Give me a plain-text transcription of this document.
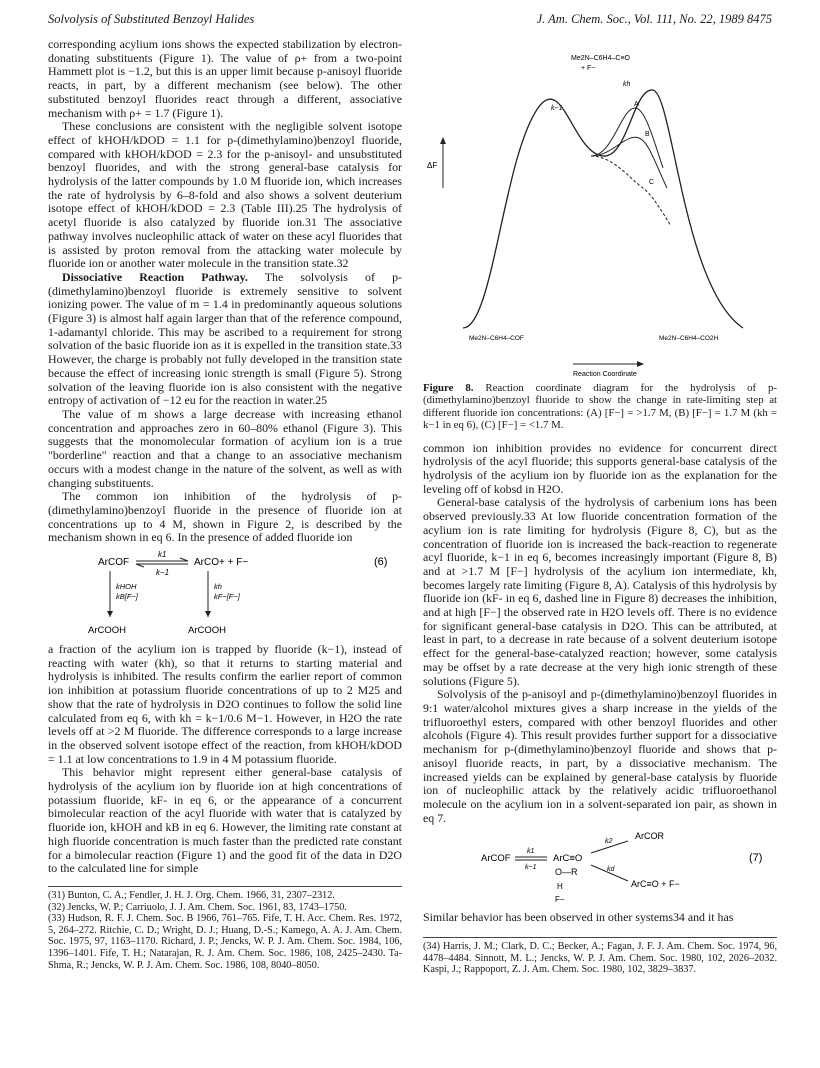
Solvolysis of Substituted Benzoyl Halides	J. Am. Chem. Soc., Vol. 111, No. 22, 1989 8475

corresponding acylium ions shows the expected stabilization by electron-donating substituents (Figure 1). The value of ρ+ from a two-point Hammett plot is −1.2, but this is an upper limit because p-anisoyl fluoride reacts, in part, by a different mechanism (see below). The other substituted benzoyl fluorides react through a different, associative mechanism with ρ+ = 1.7 (Figure 1).

These conclusions are consistent with the negligible solvent isotope effect of kHOH/kDOD = 1.1 for p-(dimethylamino)benzoyl fluoride, compared with kHOH/kDOD = 2.3 for the p-anisoyl- and unsubstituted benzoyl fluorides, and with the strong general-base catalysis for hydrolysis of the latter compounds by 1.0 M fluoride ion, which increases the rate of hydrolysis by 6–8-fold and also shows a solvent deuterium isotope effect of kHOH/kDOD = 2.3 (Table III).25 The hydrolysis of acetyl fluoride is also catalyzed by fluoride ion.31 The associative pathway involves nucleophilic attack of water on these acyl fluorides that is assisted by proton removal from the attacking water molecule by fluoride ion or another water molecule in the transition state.32

Dissociative Reaction Pathway. The solvolysis of p-(dimethylamino)benzoyl fluoride is extremely sensitive to solvent ionizing power. The value of m = 1.4 in predominantly aqueous solutions (Figure 3) is almost half again larger than that of the reference compound, 1-adamantyl chloride. This may be ascribed to a requirement for strong solvation of the basic fluoride ion as it is expelled in the transition state.33 However, the charge is probably not fully developed in the transition state because the effect of increasing ionic strength is small (Figure 5). Strong solvation of the leaving fluoride ion is also consistent with the negative entropy of activation of −12 eu for the reaction in water.25

The value of m shows a large decrease with increasing ethanol concentration and approaches zero in 60–80% ethanol (Figure 3). This suggests that the monomolecular formation of acylium ion is a true "borderline" reaction and that a change to an associative mechanism occurs with a modest change in the nature of the solvent, as well as with changing substituents.

The common ion inhibition of the hydrolysis of p-(dimethylamino)benzoyl fluoride in the presence of fluoride ion at concentrations up to 4 M, shown in Figure 2, is described by the mechanism shown in eq 6. In the presence of added fluoride ion

ArCOF
k1
k−1
ArCO+ + F−	(6)
kHOH
kB[F−]
kh
kF−[F−]
ArCOOH	ArCOOH

a fraction of the acylium ion is trapped by fluoride (k−1), instead of reacting with water (kh), so that it returns to starting material and hydrolysis is inhibited. The results confirm the earlier report of common ion inhibition at potassium fluoride concentrations of up to 2 M25 and show that the rate of hydrolysis in D2O continues to follow the solid line calculated from eq 6, with kh = k−1/0.6 M−1. However, in H2O the rate levels off at >2 M fluoride. The difference corresponds to a large increase in the observed solvent isotope effect of the reaction, from kHOH/kDOD = 1.1 at low concentrations to 1.9 in 4 M potassium fluoride.

This behavior might represent either general-base catalysis of hydrolysis of the acylium ion by fluoride ion at high concentrations of potassium fluoride, kF- in eq 6, or the appearance of a concurrent bimolecular reaction of the acyl fluoride with water that is catalyzed by fluoride ion, kHOH and kB in eq 6. However, the limiting rate constant at high fluoride concentration is much faster than the predicted rate constant for a bimolecular reaction (Figure 1) and the good fit of the data in D2O to the calculated line for simple

(31) Bunton, C. A.; Fendler, J. H. J. Org. Chem. 1966, 31, 2307–2312.

(32) Jencks, W. P.; Carriuolo, J. J. Am. Chem. Soc. 1961, 83, 1743–1750.

(33) Hudson, R. F. J. Chem. Soc. B 1966, 761–765. Fife, T. H. Acc. Chem. Res. 1972, 5, 264–272. Ritchie, C. D.; Wright, D. J.; Huang, D.-S.; Kamego, A. A. J. Am. Chem. Soc. 1975, 97, 1163–1170. Richard, J. P.; Jencks, W. P. J. Am. Chem. Soc. 1984, 106, 1396–1401. Fife, T. H.; Natarajan, R. J. Am. Chem. Soc. 1986, 108, 2425–2430. Ta-Shma, R.; Jencks, W. P. J. Am. Chem. Soc. 1986, 108, 8040–8050.

Me2N–C6H4–C≡O
+ F−
kh
k−1
A
B
C
ΔF
Me2N–C6H4–COF	Me2N–C6H4–CO2H
Reaction Coordinate

Figure 8. Reaction coordinate diagram for the hydrolysis of p-(dimethylamino)benzoyl fluoride to show the change in rate-limiting step at different fluoride ion concentrations: (A) [F−] = >1.7 M, (B) [F−] = 1.7 M (kh = k−1 in eq 6), (C) [F−] = <1.7 M.

common ion inhibition provides no evidence for concurrent direct hydrolysis of the acyl fluoride; this supports general-base catalysis of the hydrolysis of the acylium ion by fluoride ion as the explanation for the leveling off of kobsd in H2O.

General-base catalysis of the hydrolysis of carbenium ions has been observed previously.33 At low fluoride concentration formation of the acylium ion is rate limiting for hydrolysis (Figure 8, C), but as the concentration of fluoride ion is increased the back-reaction to regenerate acyl fluoride, k−1 in eq 6, becomes increasingly important (Figure 8, B) and at >1.7 M [F−] hydrolysis of the acylium ion intermediate, kh, becomes largely rate limiting (Figure 8, A). Catalysis of this hydrolysis by fluoride ion (kF- in eq 6, dashed line in Figure 8) decreases the inhibition, and at high [F−] the observed rate in H2O levels off. There is no evidence for significant general-base catalysis in D2O. This can be attributed, at least in part, to a decrease in rate because of a solvent deuterium isotope effect for the general-base-catalyzed reaction; however, some catalysis may be offset by a rate decrease at the very high ionic strength of these solutions (Figure 5).

Solvolysis of the p-anisoyl and p-(dimethylamino)benzoyl fluorides in 9:1 water/alcohol mixtures gives a sharp increase in the yields of the trifluoroethyl esters, compared with other benzoyl fluorides and other alcohols (Figure 4). This result provides further support for a dissociative mechanism for p-(dimethylamino)benzoyl fluoride and shows that p-anisoyl fluoride reacts, in part, by a dissociative mechanism. The increased yields can be explained by general-base catalysis by fluoride ion of nucleophilic attack by the relatively acidic trifluoroethanol molecule on the acylium ion in a solvent-separated ion pair, as shown in eq 7.

ArCOR
ArCOF
k1
k−1
ArC≡O
k2
kd
O—R
H
F−
ArC≡O + F−
(7)

Similar behavior has been observed in other systems34 and it has

(34) Harris, J. M.; Clark, D. C.; Becker, A.; Fagan, J. F. J. Am. Chem. Soc. 1974, 96, 4478–4484. Sinnott, M. L.; Jencks, W. P. J. Am. Chem. Soc. 1980, 102, 2026–2032. Kaspi, J.; Rappoport, Z. J. Am. Chem. Soc. 1980, 102, 3829–3837.
